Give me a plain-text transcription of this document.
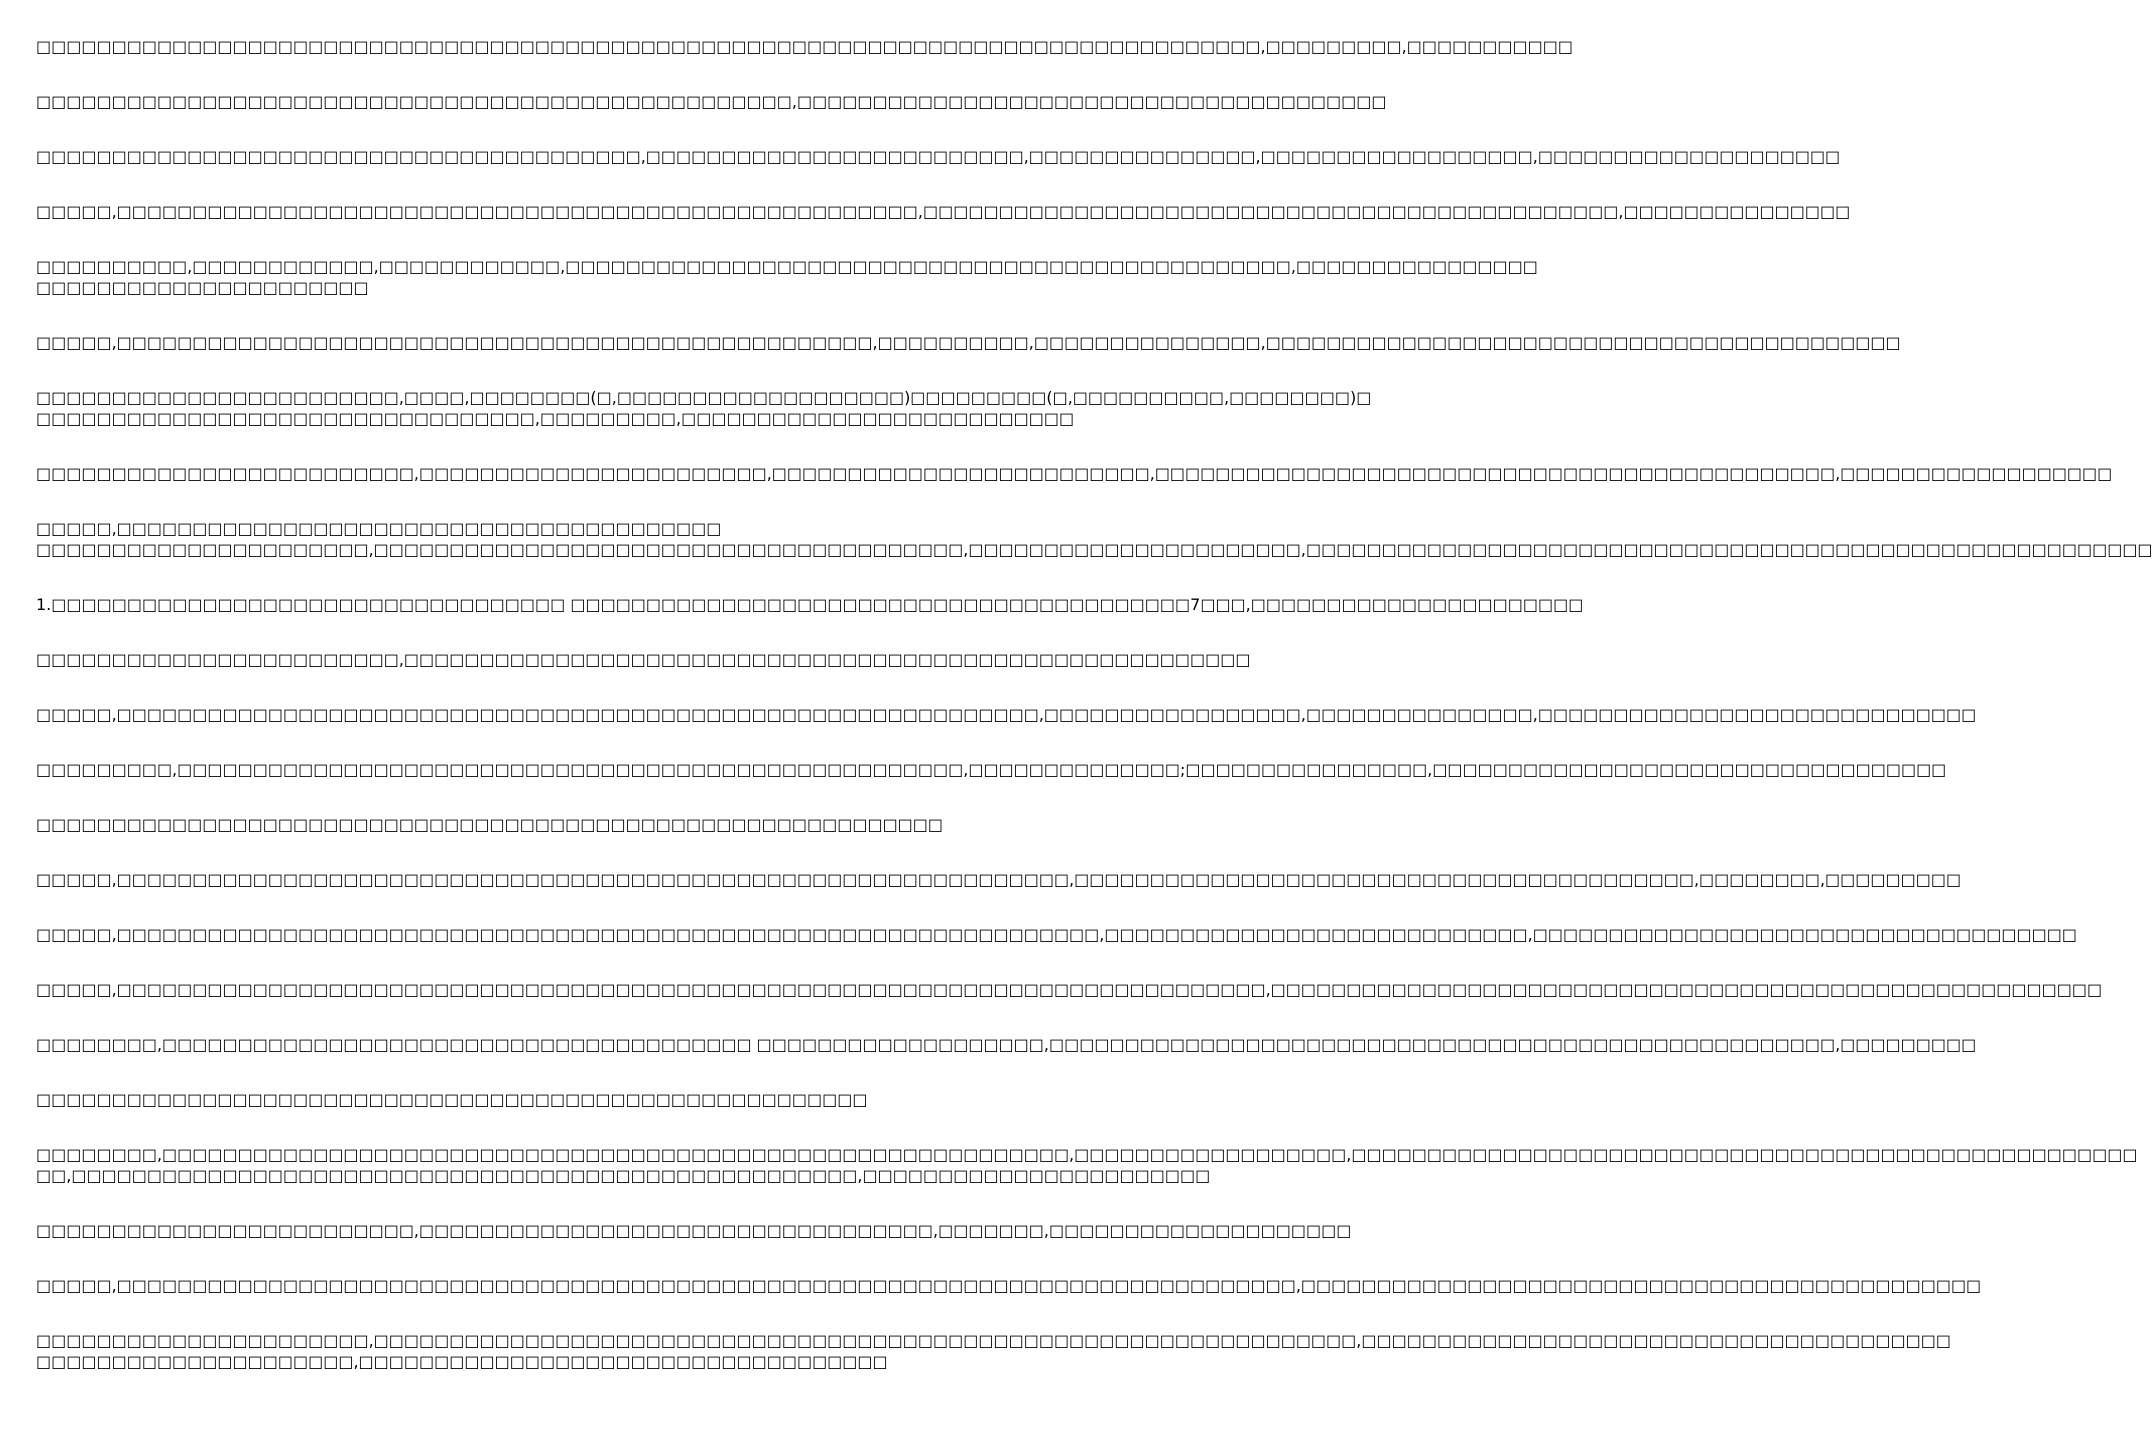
□□□□□□□□□□□□□□□□□□□□□□□□□□□□□□□□□□□□□□□□□□□□□□□□□□□□□□□□□□□□□□□□□□□□□□□□□□□□□□□□□,□□□□□□□□□,□□□□□□□□□□□
□□□□□□□□□□□□□□□□□□□□□□□□□□□□□□□□□□□□□□□□□□□□□□□□□□,□□□□□□□□□□□□□□□□□□□□□□□□□□□□□□□□□□□□□□□
□□□□□□□□□□□□□□□□□□□□□□□□□□□□□□□□□□□□□□□□,□□□□□□□□□□□□□□□□□□□□□□□□□,□□□□□□□□□□□□□□□,□□□□□□□□□□□□□□□□□□,□□□□□□□□□□□□□□□□□□□□
□□□□□,□□□□□□□□□□□□□□□□□□□□□□□□□□□□□□□□□□□□□□□□□□□□□□□□□□□□□,□□□□□□□□□□□□□□□□□□□□□□□□□□□□□□□□□□□□□□□□□□□□□□,□□□□□□□□□□□□□□□
□□□□□□□□□□,□□□□□□□□□□□□,□□□□□□□□□□□□,□□□□□□□□□□□□□□□□□□□□□□□□□□□□□□□□□□□□□□□□□□□□□□□□,□□□□□□□□□□□□□□□□
□□□□□□□□□□□□□□□□□□□□□□
□□□□□,□□□□□□□□□□□□□□□□□□□□□□□□□□□□□□□□□□□□□□□□□□□□□□□□□□,□□□□□□□□□□,□□□□□□□□□□□□□□□,□□□□□□□□□□□□□□□□□□□□□□□□□□□□□□□□□□□□□□□□□□
□□□□□□□□□□□□□□□□□□□□□□□□,□□□□,□□□□□□□□(□,□□□□□□□□□□□□□□□□□□□)□□□□□□□□□(□,□□□□□□□□□□,□□□□□□□□)□
□□□□□□□□□□□□□□□□□□□□□□□□□□□□□□□□□,□□□□□□□□□,□□□□□□□□□□□□□□□□□□□□□□□□□□
□□□□□□□□□□□□□□□□□□□□□□□□□,□□□□□□□□□□□□□□□□□□□□□□□,□□□□□□□□□□□□□□□□□□□□□□□□□,□□□□□□□□□□□□□□□□□□□□□□□□□□□□□□□□□□□□□□□□□□□□□,□□□□□□□□□□□□□□□□□□
□□□□□,□□□□□□□□□□□□□□□□□□□□□□□□□□□□□□□□□□□□□□□□
□□□□□□□□□□□□□□□□□□□□□□,□□□□□□□□□□□□□□□□□□□□□□□□□□□□□□□□□□□□□□□,□□□□□□□□□□□□□□□□□□□□□□,□□□□□□□□□□□□□□□□□□□□□□□□□□□□□□□□□□□□□□□□□□□□□□□□□□□□□□□□
1.□□□□□□□□□□□□□□□□□□□□□□□□□□□□□□□□□□ □□□□□□□□□□□□□□□□□□□□□□□□□□□□□□□□□□□□□□□□□7□□□,□□□□□□□□□□□□□□□□□□□□□□
□□□□□□□□□□□□□□□□□□□□□□□□,□□□□□□□□□□□□□□□□□□□□□□□□□□□□□□□□□□□□□□□□□□□□□□□□□□□□□□□□
□□□□□,□□□□□□□□□□□□□□□□□□□□□□□□□□□□□□□□□□□□□□□□□□□□□□□□□□□□□□□□□□□□□,□□□□□□□□□□□□□□□□□,□□□□□□□□□□□□□□□,□□□□□□□□□□□□□□□□□□□□□□□□□□□□□
□□□□□□□□□,□□□□□□□□□□□□□□□□□□□□□□□□□□□□□□□□□□□□□□□□□□□□□□□□□□□□,□□□□□□□□□□□□□□;□□□□□□□□□□□□□□□□,□□□□□□□□□□□□□□□□□□□□□□□□□□□□□□□□□□
□□□□□□□□□□□□□□□□□□□□□□□□□□□□□□□□□□□□□□□□□□□□□□□□□□□□□□□□□□□□
□□□□□,□□□□□□□□□□□□□□□□□□□□□□□□□□□□□□□□□□□□□□□□□□□□□□□□□□□□□□□□□□□□□□□,□□□□□□□□□□□□□□□□□□□□□□□□□□□□□□□□□□□□□□□□□,□□□□□□□□,□□□□□□□□□
□□□□□,□□□□□□□□□□□□□□□□□□□□□□□□□□□□□□□□□□□□□□□□□□□□□□□□□□□□□□□□□□□□□□□□□,□□□□□□□□□□□□□□□□□□□□□□□□□□□□,□□□□□□□□□□□□□□□□□□□□□□□□□□□□□□□□□□□□
□□□□□,□□□□□□□□□□□□□□□□□□□□□□□□□□□□□□□□□□□□□□□□□□□□□□□□□□□□□□□□□□□□□□□□□□□□□□□□□□□□,□□□□□□□□□□□□□□□□□□□□□□□□□□□□□□□□□□□□□□□□□□□□□□□□□□□□□□□
□□□□□□□□,□□□□□□□□□□□□□□□□□□□□□□□□□□□□□□□□□□□□□□□ □□□□□□□□□□□□□□□□□□□,□□□□□□□□□□□□□□□□□□□□□□□□□□□□□□□□□□□□□□□□□□□□□□□□□□□□,□□□□□□□□□
□□□□□□□□□□□□□□□□□□□□□□□□□□□□□□□□□□□□□□□□□□□□□□□□□□□□□□□
□□□□□□□□,□□□□□□□□□□□□□□□□□□□□□□□□□□□□□□□□□□□□□□□□□□□□□□□□□□□□□□□□□□□□,□□□□□□□□□□□□□□□□□□,□□□□□□□□□□□□□□□□□□□□□□□□□□□□□□□□□□□□□□□□□□□□□□□□□□□□
□□,□□□□□□□□□□□□□□□□□□□□□□□□□□□□□□□□□□□□□□□□□□□□□□□□□□□□,□□□□□□□□□□□□□□□□□□□□□□□
□□□□□□□□□□□□□□□□□□□□□□□□□,□□□□□□□□□□□□□□□□□□□□□□□□□□□□□□□□□□,□□□□□□□,□□□□□□□□□□□□□□□□□□□□
□□□□□,□□□□□□□□□□□□□□□□□□□□□□□□□□□□□□□□□□□□□□□□□□□□□□□□□□□□□□□□□□□□□□□□□□□□□□□□□□□□□□,□□□□□□□□□□□□□□□□□□□□□□□□□□□□□□□□□□□□□□□□□□□□□
□□□□□□□□□□□□□□□□□□□□□□,□□□□□□□□□□□□□□□□□□□□□□□□□□□□□□□□□□□□□□□□□□□□□□□□□□□□□□□□□□□□□□□□□,□□□□□□□□□□□□□□□□□□□□□□□□□□□□□□□□□□□□□□□
□□□□□□□□□□□□□□□□□□□□□,□□□□□□□□□□□□□□□□□□□□□□□□□□□□□□□□□□□
